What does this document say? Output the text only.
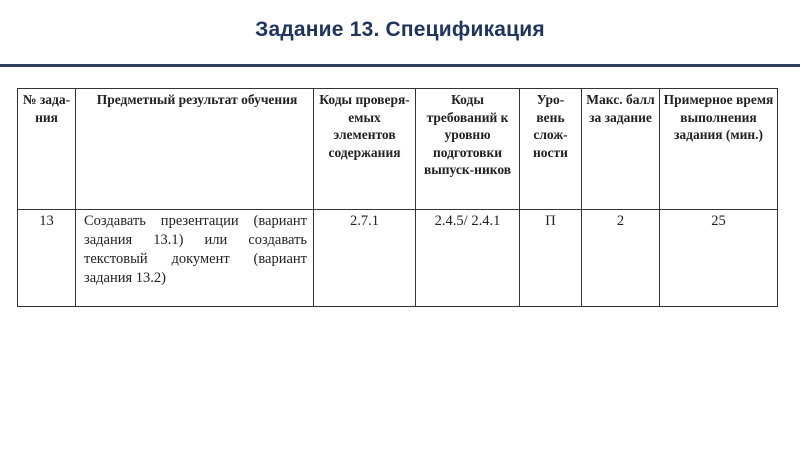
Задание 13. Спецификация
№ зада-ния	Предметный результат обучения	Коды проверя-емых элементов содержания	Коды требований к уровню подготовки выпуск-ников	Уро-вень слож-ности	Макс. балл за задание	Примерное время выполнения задания (мин.)
13	Создавать презентации (вариант задания 13.1) или создавать текстовый документ (вариант задания 13.2)	2.7.1	2.4.5/ 2.4.1	П	2	25
